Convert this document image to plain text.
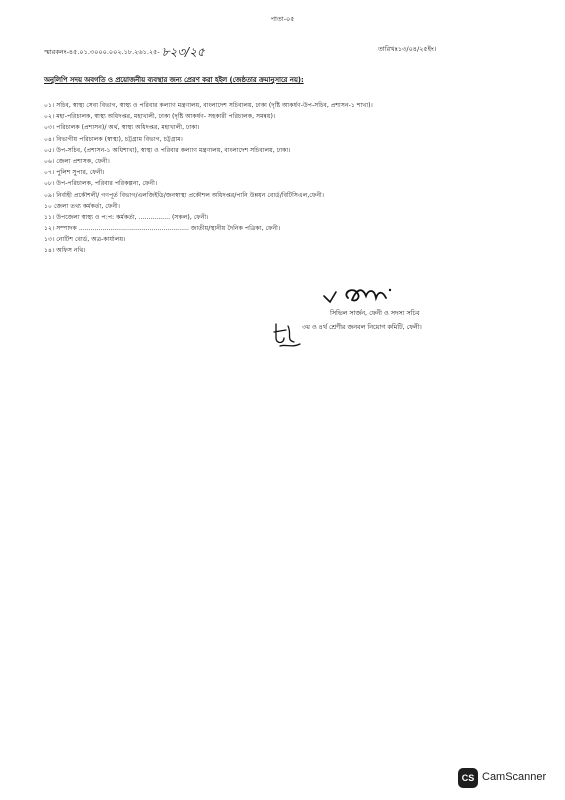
পাতা-০৫
স্মারকনং-৪৫.০১.৩০০০.০০২.১৮.২৬১.২৫- ৮২৩/২৫	তারিখঃ১৩/০৪/২৫ইং।
অনুলিপি সদয় অবগতি ও প্রয়োজনীয় ব্যবস্থার জন্য প্রেরণ করা হইল (জেষ্ঠতার ক্রমানুসারে নয়):
০১। সচিব, স্বাস্থ্য সেবা বিভাগ, স্বাস্থ্য ও পরিবার কল্যাণ মন্ত্রণালয়, বাংলাদেশ সচিবালয়, ঢাকা (দৃষ্টি আকর্ষণ-উপ-সচিব, প্রশাসন-১ শাখা)।
০২। মহা-পরিচালক, স্বাস্থ্য অধিদপ্তর, মহাখালী, ঢাকা (দৃষ্টি আকর্ষণ- সহকারী পরিচালক, সমন্বয়)।
০৩। পরিচালক (প্রশাসন)/ অর্থ, স্বাস্থ্য অধিদপ্তর, মহাখালী, ঢাকা।
০৪। বিভাগীয় পরিচালক (স্বাস্থ্য), চট্টগ্রাম বিভাগ, চট্টগ্রাম।
০৫। উপ-সচিব, (প্রশাসন-১ অধিশাখা), স্বাস্থ্য ও পরিবার কল্যাণ মন্ত্রণালয়, বাংলাদেশ সচিবালয়, ঢাকা।
০৬। জেলা প্রশাসক, ফেনী।
০৭। পুলিশ সুপার, ফেনী।
০৮। উপ-পরিচালক, পরিবার পরিকল্পনা, ফেনী।
০৯। নির্বাহী প্রকৌশলী/ গণপূর্ত বিভাগ/এলজিইডি/জনস্বাস্থ্য প্রকৌশল অধিদপ্তর/পানি উন্নয়ন বোর্ড/বিটিসিএল,ফেনী।
১০ জেলা তথ্য কর্মকর্তা, ফেনী।
১১। উপজেলা স্বাস্থ্য ও প:প: কর্মকর্তা, ................ (সকল), ফেনী।
১২। সম্পাদক ........................................................ জাতীয়/স্থানীয় দৈনিক পত্রিকা, ফেনী।
১৩। নোটিশ বোর্ড, অত্র-কার্যালয়।
১৪। অফিস নথি।
সিভিল সার্জন, ফেনী ও সদস্য সচিব
৩য় ও ৪র্থ শ্রেণীর জনবল নিয়োগ কমিটি, ফেনী।
CS CamScanner
